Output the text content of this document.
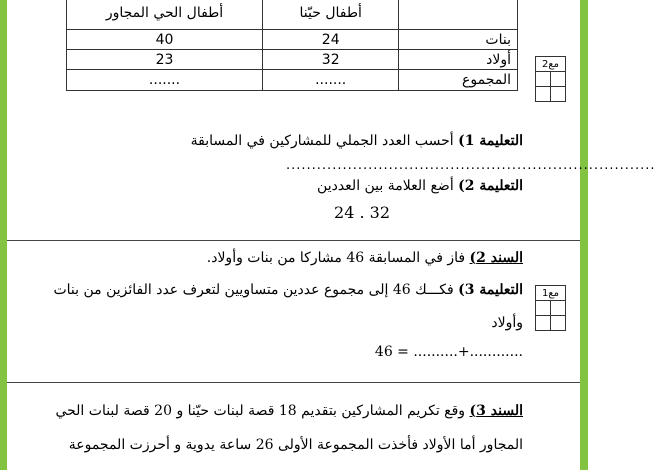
أطفال الحي المجاور	أطفال حيّنا	
40	24	بنات
23	32	أولاد
.......	.......	المجموع
مع2	

التعليمة 1) أحسب العدد الجملي للمشاركين في المسابقة
........................................................................
التعليمة 2) أضع العلامة بين العددين
24 . 32
السند 2) فاز في المسابقة 46 مشاركا من بنات وأولاد.
مع1	

التعليمة 3) فكـــك 46 إلى مجموع عددين متساويين لتعرف عدد الفائزين من بنات
وأولاد
46 = ..........+............
السند 3) وقع تكريم المشاركين بتقديم 18 قصة لبنات حيّنا و 20 قصة لبنات الحي
المجاور أما الأولاد فأخذت المجموعة الأولى 26 ساعة يدوية و أحرزت المجموعة
